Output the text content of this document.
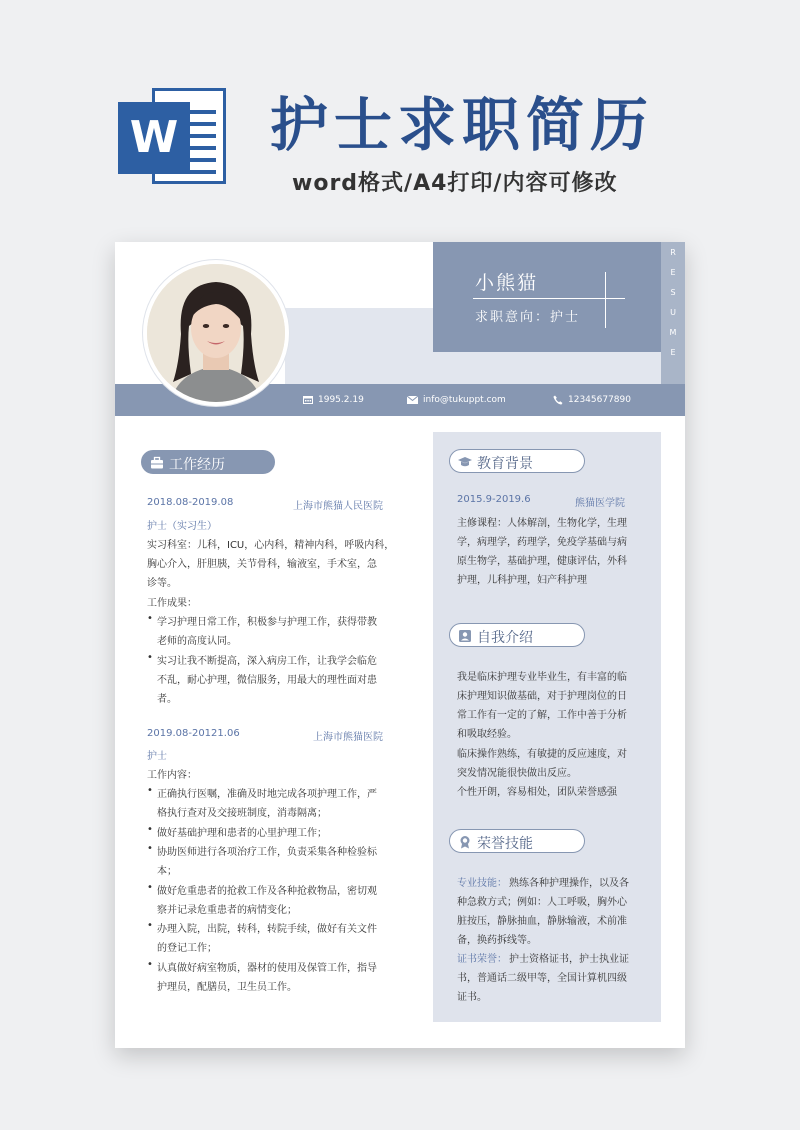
W 护士求职简历
word格式/A4打印/内容可修改
小熊猫
求职意向：护士
R
E
S
U
M
E
1995.2.19	info@tukuppt.com	12345677890
工作经历
2018.08-2019.08	上海市熊猫人民医院
护士（实习生）
实习科室：儿科，ICU，心内科，精神内科，呼吸内科，
胸心介入，肝胆胰，关节骨科，输液室，手术室，急
诊等。
工作成果：
• 学习护理日常工作，积极参与护理工作，获得带教
老师的高度认同。
• 实习让我不断提高，深入病房工作，让我学会临危
不乱，耐心护理，微信服务，用最大的理性面对患
者。
2019.08-20121.06	上海市熊猫医院
护士
工作内容：
• 正确执行医嘱，准确及时地完成各项护理工作，严
格执行查对及交接班制度，消毒隔离；
• 做好基础护理和患者的心里护理工作；
• 协助医师进行各项治疗工作，负责采集各种检验标
本；
• 做好危重患者的抢救工作及各种抢救物品，密切观
察并记录危重患者的病情变化；
• 办理入院，出院，转科，转院手续，做好有关文件
的登记工作；
• 认真做好病室物质，器材的使用及保管工作，指导
护理员，配膳员，卫生员工作。
教育背景
2015.9-2019.6	熊猫医学院
主修课程：人体解剖，生物化学，生理
学，病理学，药理学，免疫学基础与病
原生物学，基础护理，健康评估，外科
护理，儿科护理，妇产科护理
自我介绍
我是临床护理专业毕业生，有丰富的临
床护理知识做基础，对于护理岗位的日
常工作有一定的了解，工作中善于分析
和吸取经验。
临床操作熟练，有敏捷的反应速度，对
突发情况能很快做出反应。
个性开朗，容易相处，团队荣誉感强
荣誉技能
专业技能： 熟练各种护理操作，以及各
种急救方式；例如：人工呼吸，胸外心
脏按压，静脉抽血，静脉输液，术前准
备，换药拆线等。
证书荣誉： 护士资格证书，护士执业证
书，普通话二级甲等，全国计算机四级
证书。
